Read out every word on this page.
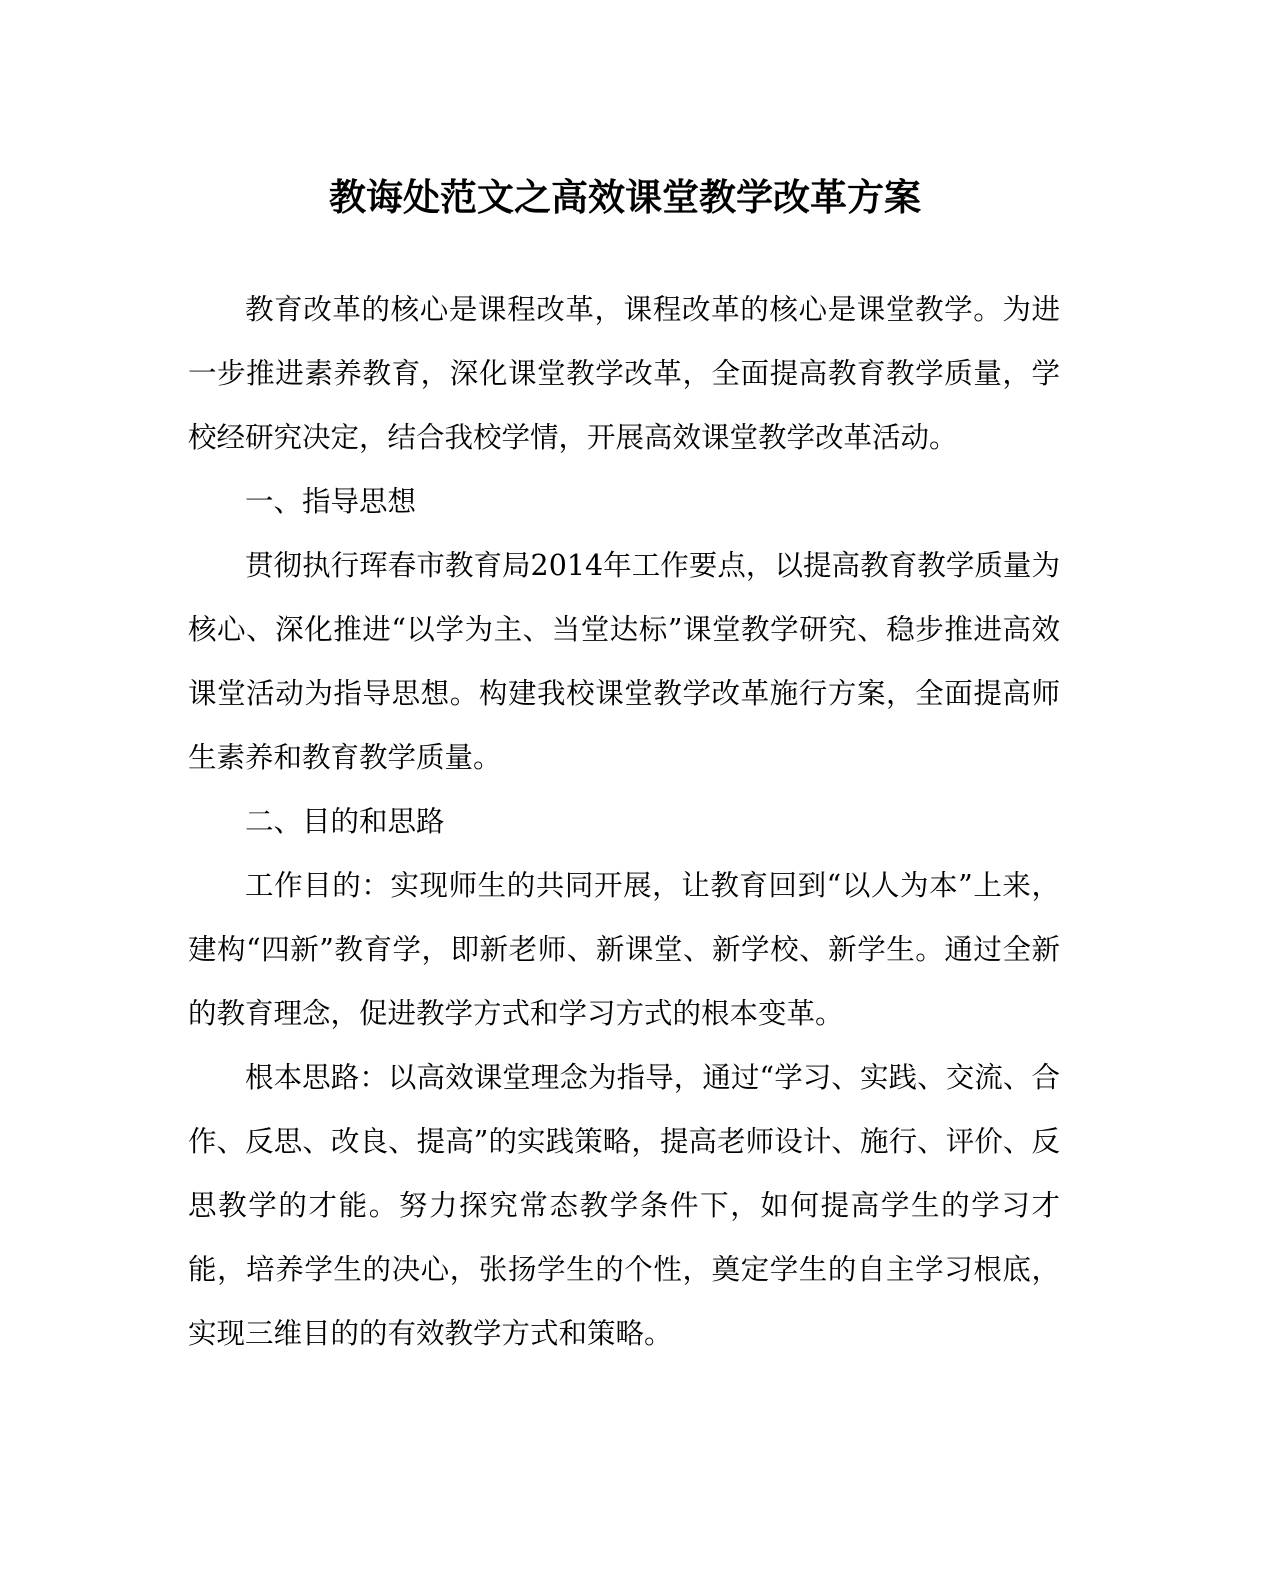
教诲处范文之高效课堂教学改革方案

教育改革的核心是课程改革，课程改革的核心是课堂教学。为进一步推进素养教育，深化课堂教学改革，全面提高教育教学质量，学校经研究决定，结合我校学情，开展高效课堂教学改革活动。

一、指导思想

贯彻执行珲春市教育局2014年工作要点，以提高教育教学质量为核心、深化推进“以学为主、当堂达标”课堂教学研究、稳步推进高效课堂活动为指导思想。构建我校课堂教学改革施行方案，全面提高师生素养和教育教学质量。

二、目的和思路

工作目的：实现师生的共同开展，让教育回到“以人为本”上来，建构“四新”教育学，即新老师、新课堂、新学校、新学生。通过全新的教育理念，促进教学方式和学习方式的根本变革。

根本思路：以高效课堂理念为指导，通过“学习、实践、交流、合作、反思、改良、提高”的实践策略，提高老师设计、施行、评价、反思教学的才能。努力探究常态教学条件下，如何提高学生的学习才能，培养学生的决心，张扬学生的个性，奠定学生的自主学习根底，实现三维目的的有效教学方式和策略。
